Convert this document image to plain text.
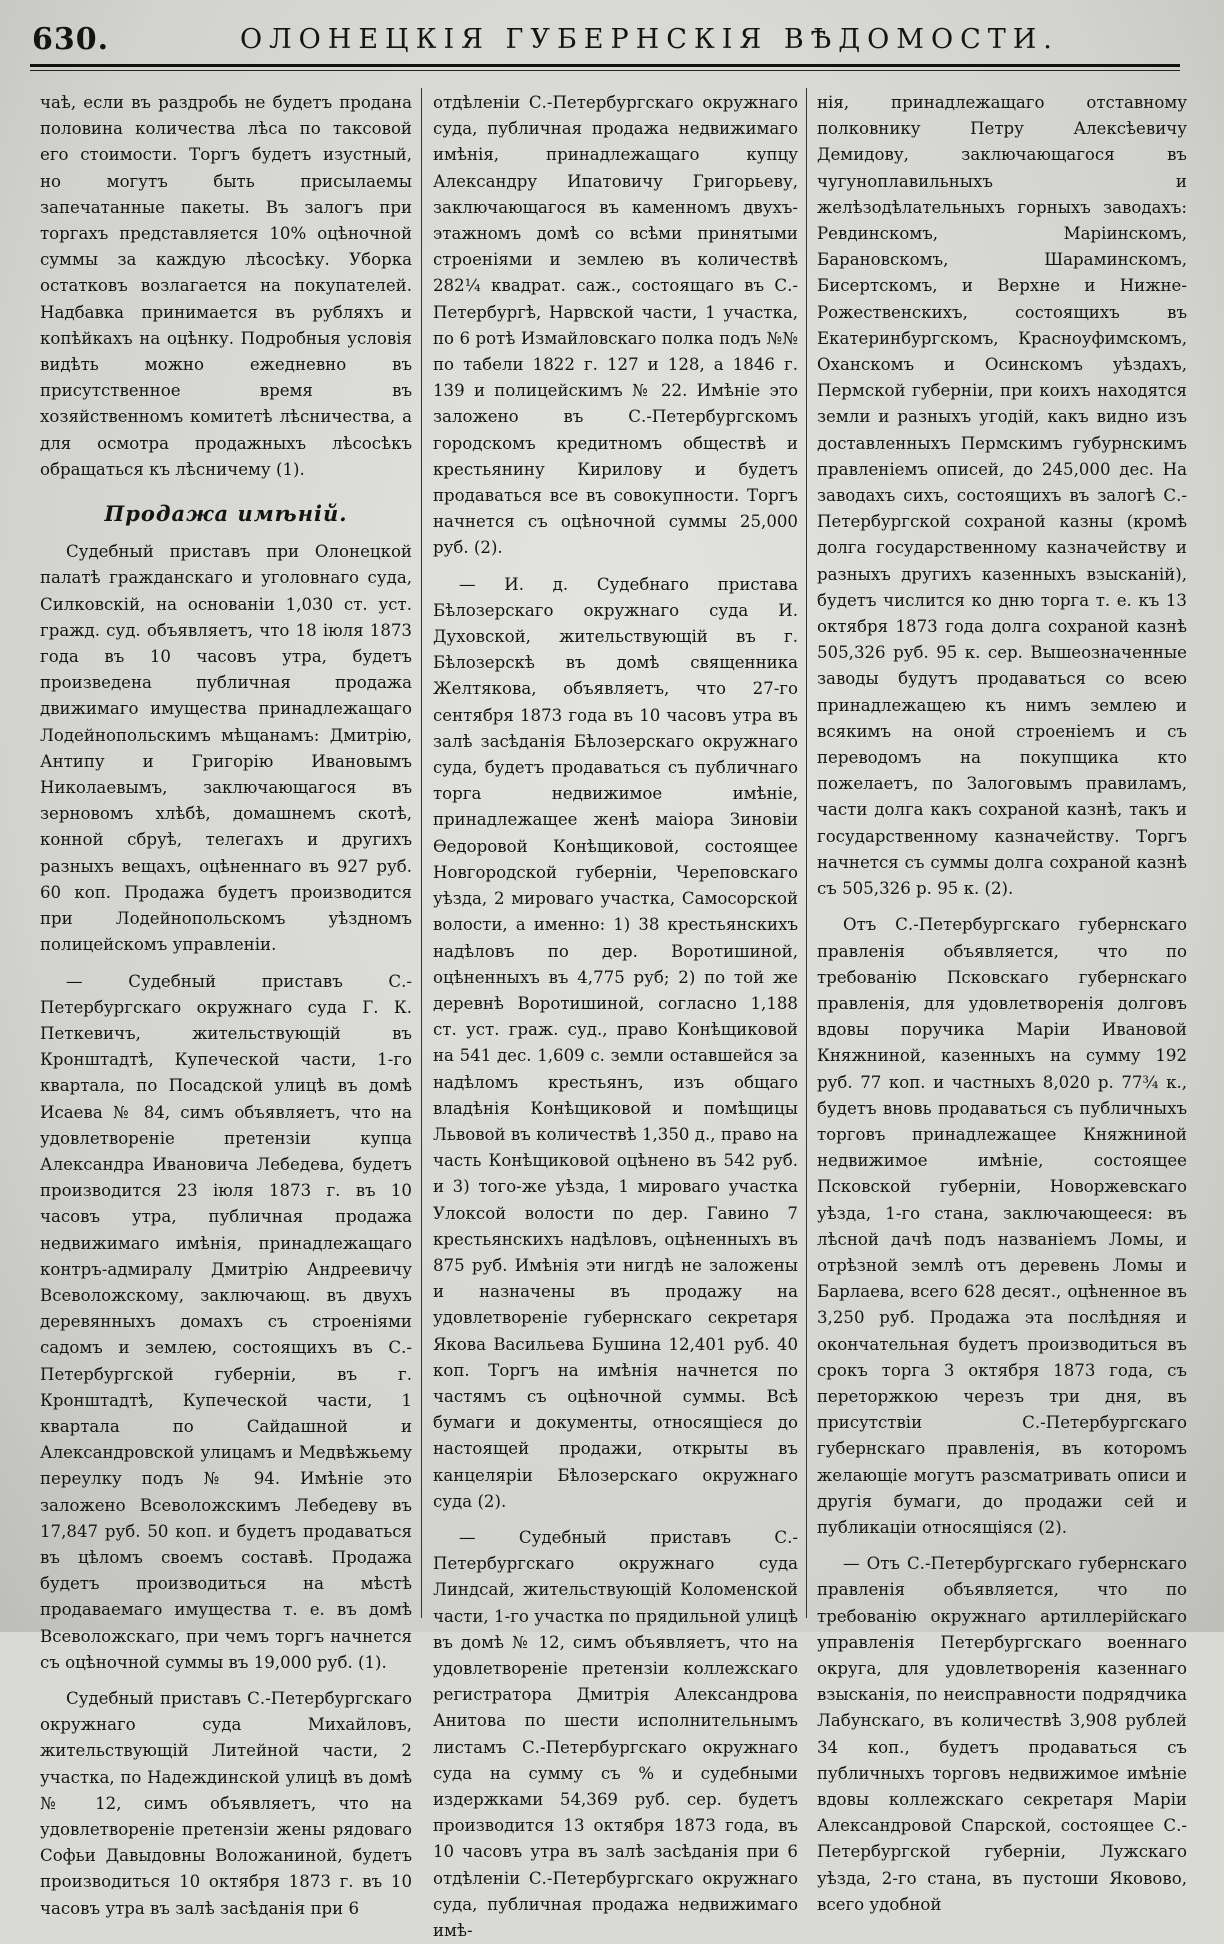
630.	ОЛОНЕЦКІЯ ГУБЕРНСКІЯ ВѢДОМОСТИ.

чаѣ, если въ раздробь не будетъ продана половина количества лѣса по таксовой его стоимости. Торгъ будетъ изустный, но могутъ быть присылаемы запечатанные пакеты. Въ залогъ при торгахъ представляется 10% оцѣночной суммы за каждую лѣсосѣку. Уборка остатковъ возлагается на покупателей. Надбавка принимается въ рубляхъ и копѣйкахъ на оцѣнку. Подробныя условія видѣть можно ежедневно въ присутственное время въ хозяйственномъ комитетѣ лѣсничества, а для осмотра продажныхъ лѣсосѣкъ обращаться къ лѣсничему (1).

Продажа имѣній.

Судебный приставъ при Олонецкой палатѣ гражданскаго и уголовнаго суда, Силковскій, на основаніи 1,030 ст. уст. гражд. суд. объявляетъ, что 18 іюля 1873 года въ 10 часовъ утра, будетъ произведена публичная продажа движимаго имущества принадлежащаго Лодейнопольскимъ мѣщанамъ: Дмитрію, Антипу и Григорію Ивановымъ Николаевымъ, заключающагося въ зерновомъ хлѣбѣ, домашнемъ скотѣ, конной сбруѣ, телегахъ и другихъ разныхъ вещахъ, оцѣненнаго въ 927 руб. 60 коп. Продажа будетъ производится при Лодейнопольскомъ уѣздномъ полицейскомъ управленіи.

— Судебный приставъ С.-Петербургскаго окружнаго суда Г. К. Петкевичъ, жительствующій въ Кронштадтѣ, Купеческой части, 1-го квартала, по Посадской улицѣ въ домѣ Исаева № 84, симъ объявляетъ, что на удовлетвореніе претензіи купца Александра Ивановича Лебедева, будетъ производится 23 іюля 1873 г. въ 10 часовъ утра, публичная продажа недвижимаго имѣнія, принадлежащаго контръ-адмиралу Дмитрію Андреевичу Всеволожскому, заключающ. въ двухъ деревянныхъ домахъ съ строеніями садомъ и землею, состоящихъ въ С.-Петербургской губерніи, въ г. Кронштадтѣ, Купеческой части, 1 квартала по Сайдашной и Александровской улицамъ и Медвѣжьему переулку подъ № 94. Имѣніе это заложено Всеволожскимъ Лебедеву въ 17,847 руб. 50 коп. и будетъ продаваться въ цѣломъ своемъ составѣ. Продажа будетъ производиться на мѣстѣ продаваемаго имущества т. е. въ домѣ Всеволожскаго, при чемъ торгъ начнется съ оцѣночной суммы въ 19,000 руб. (1).

Судебный приставъ С.-Петербургскаго окружнаго суда Михайловъ, жительствующій Литейной части, 2 участка, по Надеждинской улицѣ въ домѣ № 12, симъ объявляетъ, что на удовлетвореніе претензіи жены рядоваго Софьи Давыдовны Воложаниной, будетъ производиться 10 октября 1873 г. въ 10 часовъ утра въ залѣ засѣданія при 6

отдѣленіи С.-Петербургскаго окружнаго суда, публичная продажа недвижимаго имѣнія, принадлежащаго купцу Александру Ипатовичу Григорьеву, заключающагося въ каменномъ двухъ-этажномъ домѣ со всѣми принятыми строеніями и землею въ количествѣ 282¼ квадрат. саж., состоящаго въ С.-Петербургѣ, Нарвской части, 1 участка, по 6 ротѣ Измайловскаго полка подъ №№ по табели 1822 г. 127 и 128, а 1846 г. 139 и полицейскимъ № 22. Имѣніе это заложено въ С.-Петербургскомъ городскомъ кредитномъ обществѣ и крестьянину Кирилову и будетъ продаваться все въ совокупности. Торгъ начнется съ оцѣночной суммы 25,000 руб. (2).

— И. д. Судебнаго пристава Бѣлозерскаго окружнаго суда И. Духовской, жительствующій въ г. Бѣлозерскѣ въ домѣ священника Желтякова, объявляетъ, что 27-го сентября 1873 года въ 10 часовъ утра въ залѣ засѣданія Бѣлозерскаго окружнаго суда, будетъ продаваться съ публичнаго торга недвижимое имѣніе, принадлежащее женѣ маіора Зиновіи Ѳедоровой Конѣщиковой, состоящее Новгородской губерніи, Череповскаго уѣзда, 2 мироваго участка, Самосорской волости, а именно: 1) 38 крестьянскихъ надѣловъ по дер. Воротишиной, оцѣненныхъ въ 4,775 руб; 2) по той же деревнѣ Воротишиной, согласно 1,188 ст. уст. граж. суд., право Конѣщиковой на 541 дес. 1,609 с. земли оставшейся за надѣломъ крестьянъ, изъ общаго владѣнія Конѣщиковой и помѣщицы Львовой въ количествѣ 1,350 д., право на часть Конѣщиковой оцѣнено въ 542 руб. и 3) того-же уѣзда, 1 мироваго участка Улоксой волости по дер. Гавино 7 крестьянскихъ надѣловъ, оцѣненныхъ въ 875 руб. Имѣнія эти нигдѣ не заложены и назначены въ продажу на удовлетвореніе губернскаго секретаря Якова Васильева Бушина 12,401 руб. 40 коп. Торгъ на имѣнія начнется по частямъ съ оцѣночной суммы. Всѣ бумаги и документы, относящіеся до настоящей продажи, открыты въ канцеляріи Бѣлозерскаго окружнаго суда (2).

— Судебный приставъ С.-Петербургскаго окружнаго суда Линдсай, жительствующій Коломенской части, 1-го участка по прядильной улицѣ въ домѣ № 12, симъ объявляетъ, что на удовлетвореніе претензіи коллежскаго регистратора Дмитрія Александрова Анитова по шести исполнительнымъ листамъ С.-Петербургскаго окружнаго суда на сумму съ % и судебными издержками 54,369 руб. сер. будетъ производится 13 октября 1873 года, въ 10 часовъ утра въ залѣ засѣданія при 6 отдѣленіи С.-Петербургскаго окружнаго суда, публичная продажа недвижимаго имѣ-

нія, принадлежащаго отставному полковнику Петру Алексѣевичу Демидову, заключающагося въ чугуноплавильныхъ и желѣзодѣлательныхъ горныхъ заводахъ: Ревдинскомъ, Маріинскомъ, Барановскомъ, Шараминскомъ, Бисертскомъ, и Верхне и Нижне-Рожественскихъ, состоящихъ въ Екатеринбургскомъ, Красноуфимскомъ, Оханскомъ и Осинскомъ уѣздахъ, Пермской губерніи, при коихъ находятся земли и разныхъ угодій, какъ видно изъ доставленныхъ Пермскимъ губурнскимъ правленіемъ описей, до 245,000 дес. На заводахъ сихъ, состоящихъ въ залогѣ С.-Петербургской сохраной казны (кромѣ долга государственному казначейству и разныхъ другихъ казенныхъ взысканій), будетъ числится ко дню торга т. е. къ 13 октября 1873 года долга сохраной казнѣ 505,326 руб. 95 к. сер. Вышеозначенные заводы будутъ продаваться со всею принадлежащею къ нимъ землею и всякимъ на оной строеніемъ и съ переводомъ на покупщика кто пожелаетъ, по Залоговымъ правиламъ, части долга какъ сохраной казнѣ, такъ и государственному казначейству. Торгъ начнется съ суммы долга сохраной казнѣ съ 505,326 р. 95 к. (2).

Отъ С.-Петербургскаго губернскаго правленія объявляется, что по требованію Псковскаго губернскаго правленія, для удовлетворенія долговъ вдовы поручика Маріи Ивановой Княжниной, казенныхъ на сумму 192 руб. 77 коп. и частныхъ 8,020 р. 77¾ к., будетъ вновь продаваться съ публичныхъ торговъ принадлежащее Княжниной недвижимое имѣніе, состоящее Псковской губерніи, Новоржевскаго уѣзда, 1-го стана, заключающееся: въ лѣсной дачѣ подъ названіемъ Ломы, и отрѣзной землѣ отъ деревень Ломы и Барлаева, всего 628 десят., оцѣненное въ 3,250 руб. Продажа эта послѣдняя и окончательная будетъ производиться въ срокъ торга 3 октября 1873 года, съ переторжкою черезъ три дня, въ присутствіи С.-Петербургскаго губернскаго правленія, въ которомъ желающіе могутъ разсматривать описи и другія бумаги, до продажи сей и публикаціи относящіяся (2).

— Отъ С.-Петербургскаго губернскаго правленія объявляется, что по требованію окружнаго артиллерійскаго управленія Петербургскаго военнаго округа, для удовлетворенія казеннаго взысканія, по неисправности подрядчика Лабунскаго, въ количествѣ 3,908 рублей 34 коп., будетъ продаваться съ публичныхъ торговъ недвижимое имѣніе вдовы коллежскаго секретаря Маріи Александровой Спарской, состоящее С.-Петербургской губерніи, Лужскаго уѣзда, 2-го стана, въ пустоши Яковово, всего удобной
